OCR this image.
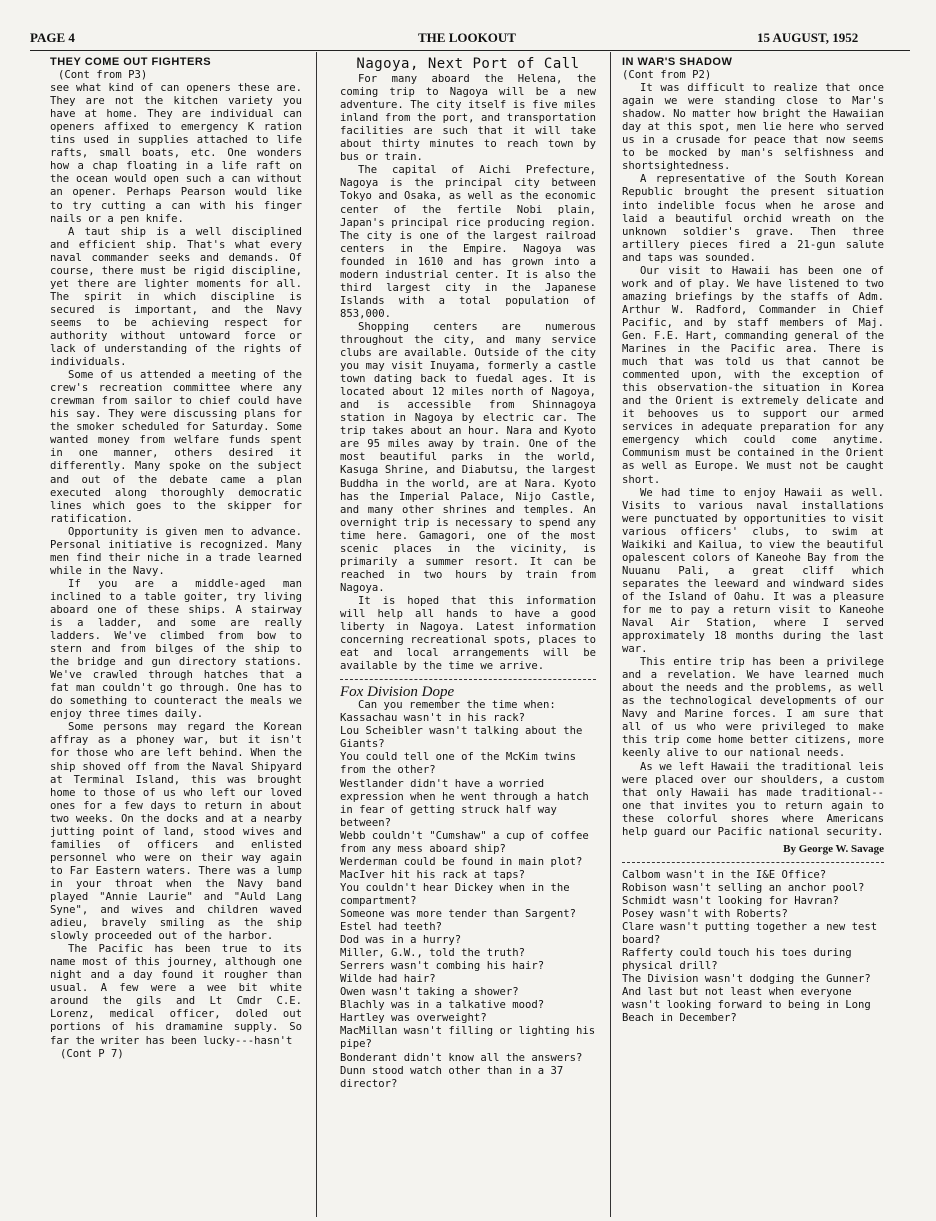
PAGE 4	THE LOOKOUT	15 AUGUST, 1952
THEY COME OUT FIGHTERS
(Cont from P3)

see what kind of can openers these are. They are not the kitchen variety you have at home. They are individual can openers affixed to emergency K ration tins used in supplies attached to life rafts, small boats, etc. One wonders how a chap floating in a life raft on the ocean would open such a can without an opener. Perhaps Pearson would like to try cutting a can with his finger nails or a pen knife.

A taut ship is a well disciplined and efficient ship. That's what every naval commander seeks and demands. Of course, there must be rigid discipline, yet there are lighter moments for all. The spirit in which discipline is secured is important, and the Navy seems to be achieving respect for authority without untoward force or lack of understanding of the rights of individuals.

Some of us attended a meeting of the crew's recreation committee where any crewman from sailor to chief could have his say. They were discussing plans for the smoker scheduled for Saturday. Some wanted money from welfare funds spent in one manner, others desired it differently. Many spoke on the subject and out of the debate came a plan executed along thoroughly democratic lines which goes to the skipper for ratification.

Opportunity is given men to advance. Personal initiative is recognized. Many men find their niche in a trade learned while in the Navy.

If you are a middle-aged man inclined to a table goiter, try living aboard one of these ships. A stairway is a ladder, and some are really ladders. We've climbed from bow to stern and from bilges of the ship to the bridge and gun directory stations. We've crawled through hatches that a fat man couldn't go through. One has to do something to counteract the meals we enjoy three times daily.

Some persons may regard the Korean affray as a phoney war, but it isn't for those who are left behind. When the ship shoved off from the Naval Shipyard at Terminal Island, this was brought home to those of us who left our loved ones for a few days to return in about two weeks. On the docks and at a nearby jutting point of land, stood wives and families of officers and enlisted personnel who were on their way again to Far Eastern waters. There was a lump in your throat when the Navy band played "Annie Laurie" and "Auld Lang Syne", and wives and children waved adieu, bravely smiling as the ship slowly proceeded out of the harbor.

The Pacific has been true to its name most of this journey, although one night and a day found it rougher than usual. A few were a wee bit white around the gils and Lt Cmdr C.E. Lorenz, medical officer, doled out portions of his dramamine supply. So far the writer has been lucky---hasn't

(Cont P 7)
Nagoya, Next Port of Call

For many aboard the Helena, the coming trip to Nagoya will be a new adventure. The city itself is five miles inland from the port, and transportation facilities are such that it will take about thirty minutes to reach town by bus or train.

The capital of Aichi Prefecture, Nagoya is the principal city between Tokyo and Osaka, as well as the economic center of the fertile Nobi plain, Japan's principal rice producing region. The city is one of the largest railroad centers in the Empire. Nagoya was founded in 1610 and has grown into a modern industrial center. It is also the third largest city in the Japanese Islands with a total population of 853,000.

Shopping centers are numerous throughout the city, and many service clubs are available. Outside of the city you may visit Inuyama, formerly a castle town dating back to fuedal ages. It is located about 12 miles north of Nagoya, and is accessible from Shinnagoya station in Nagoya by electric car. The trip takes about an hour. Nara and Kyoto are 95 miles away by train. One of the most beautiful parks in the world, Kasuga Shrine, and Diabutsu, the largest Buddha in the world, are at Nara. Kyoto has the Imperial Palace, Nijo Castle, and many other shrines and temples. An overnight trip is necessary to spend any time here. Gamagori, one of the most scenic places in the vicinity, is primarily a summer resort. It can be reached in two hours by train from Nagoya.

It is hoped that this information will help all hands to have a good liberty in Nagoya. Latest information concerning recreational spots, places to eat and local arrangements will be available by the time we arrive.

Fox Division Dope

Can you remember the time when:

Kassachau wasn't in his rack?

Lou Scheibler wasn't talking about the Giants?

You could tell one of the McKim twins from the other?

Westlander didn't have a worried expression when he went through a hatch in fear of getting struck half way between?

Webb couldn't "Cumshaw" a cup of coffee from any mess aboard ship?

Werderman could be found in main plot?

MacIver hit his rack at taps?

You couldn't hear Dickey when in the compartment?

Someone was more tender than Sargent?

Estel had teeth?

Dod was in a hurry?

Miller, G.W., told the truth?

Serrers wasn't combing his hair?

Wilde had hair?

Owen wasn't taking a shower?

Blachly was in a talkative mood?

Hartley was overweight?

MacMillan wasn't filling or lighting his pipe?

Bonderant didn't know all the answers?

Dunn stood watch other than in a 37 director?

IN WAR'S SHADOW
(Cont from P2)

It was difficult to realize that once again we were standing close to Mar's shadow. No matter how bright the Hawaiian day at this spot, men lie here who served us in a crusade for peace that now seems to be mocked by man's selfishness and shortsightedness.

A representative of the South Korean Republic brought the present situation into indelible focus when he arose and laid a beautiful orchid wreath on the unknown soldier's grave. Then three artillery pieces fired a 21-gun salute and taps was sounded.

Our visit to Hawaii has been one of work and of play. We have listened to two amazing briefings by the staffs of Adm. Arthur W. Radford, Commander in Chief Pacific, and by staff members of Maj. Gen. F.E. Hart, commanding general of the Marines in the Pacific area. There is much that was told us that cannot be commented upon, with the exception of this observation-the situation in Korea and the Orient is extremely delicate and it behooves us to support our armed services in adequate preparation for any emergency which could come anytime. Communism must be contained in the Orient as well as Europe. We must not be caught short.

We had time to enjoy Hawaii as well. Visits to various naval installations were punctuated by opportunities to visit various officers' clubs, to swim at Waikiki and Kailua, to view the beautiful opalescent colors of Kaneohe Bay from the Nuuanu Pali, a great cliff which separates the leeward and windward sides of the Island of Oahu. It was a pleasure for me to pay a return visit to Kaneohe Naval Air Station, where I served approximately 18 months during the last war.

This entire trip has been a privilege and a revelation. We have learned much about the needs and the problems, as well as the technological developments of our Navy and Marine forces. I am sure that all of us who were privileged to make this trip come home better citizens, more keenly alive to our national needs.

As we left Hawaii the traditional leis were placed over our shoulders, a custom that only Hawaii has made traditional--one that invites you to return again to these colorful shores where Americans help guard our Pacific national security.

By George W. Savage

Calbom wasn't in the I&E Office?

Robison wasn't selling an anchor pool?

Schmidt wasn't looking for Havran?

Posey wasn't with Roberts?

Clare wasn't putting together a new test board?

Rafferty could touch his toes during physical drill?

The Division wasn't dodging the Gunner?

And last but not least when everyone wasn't looking forward to being in Long Beach in December?
